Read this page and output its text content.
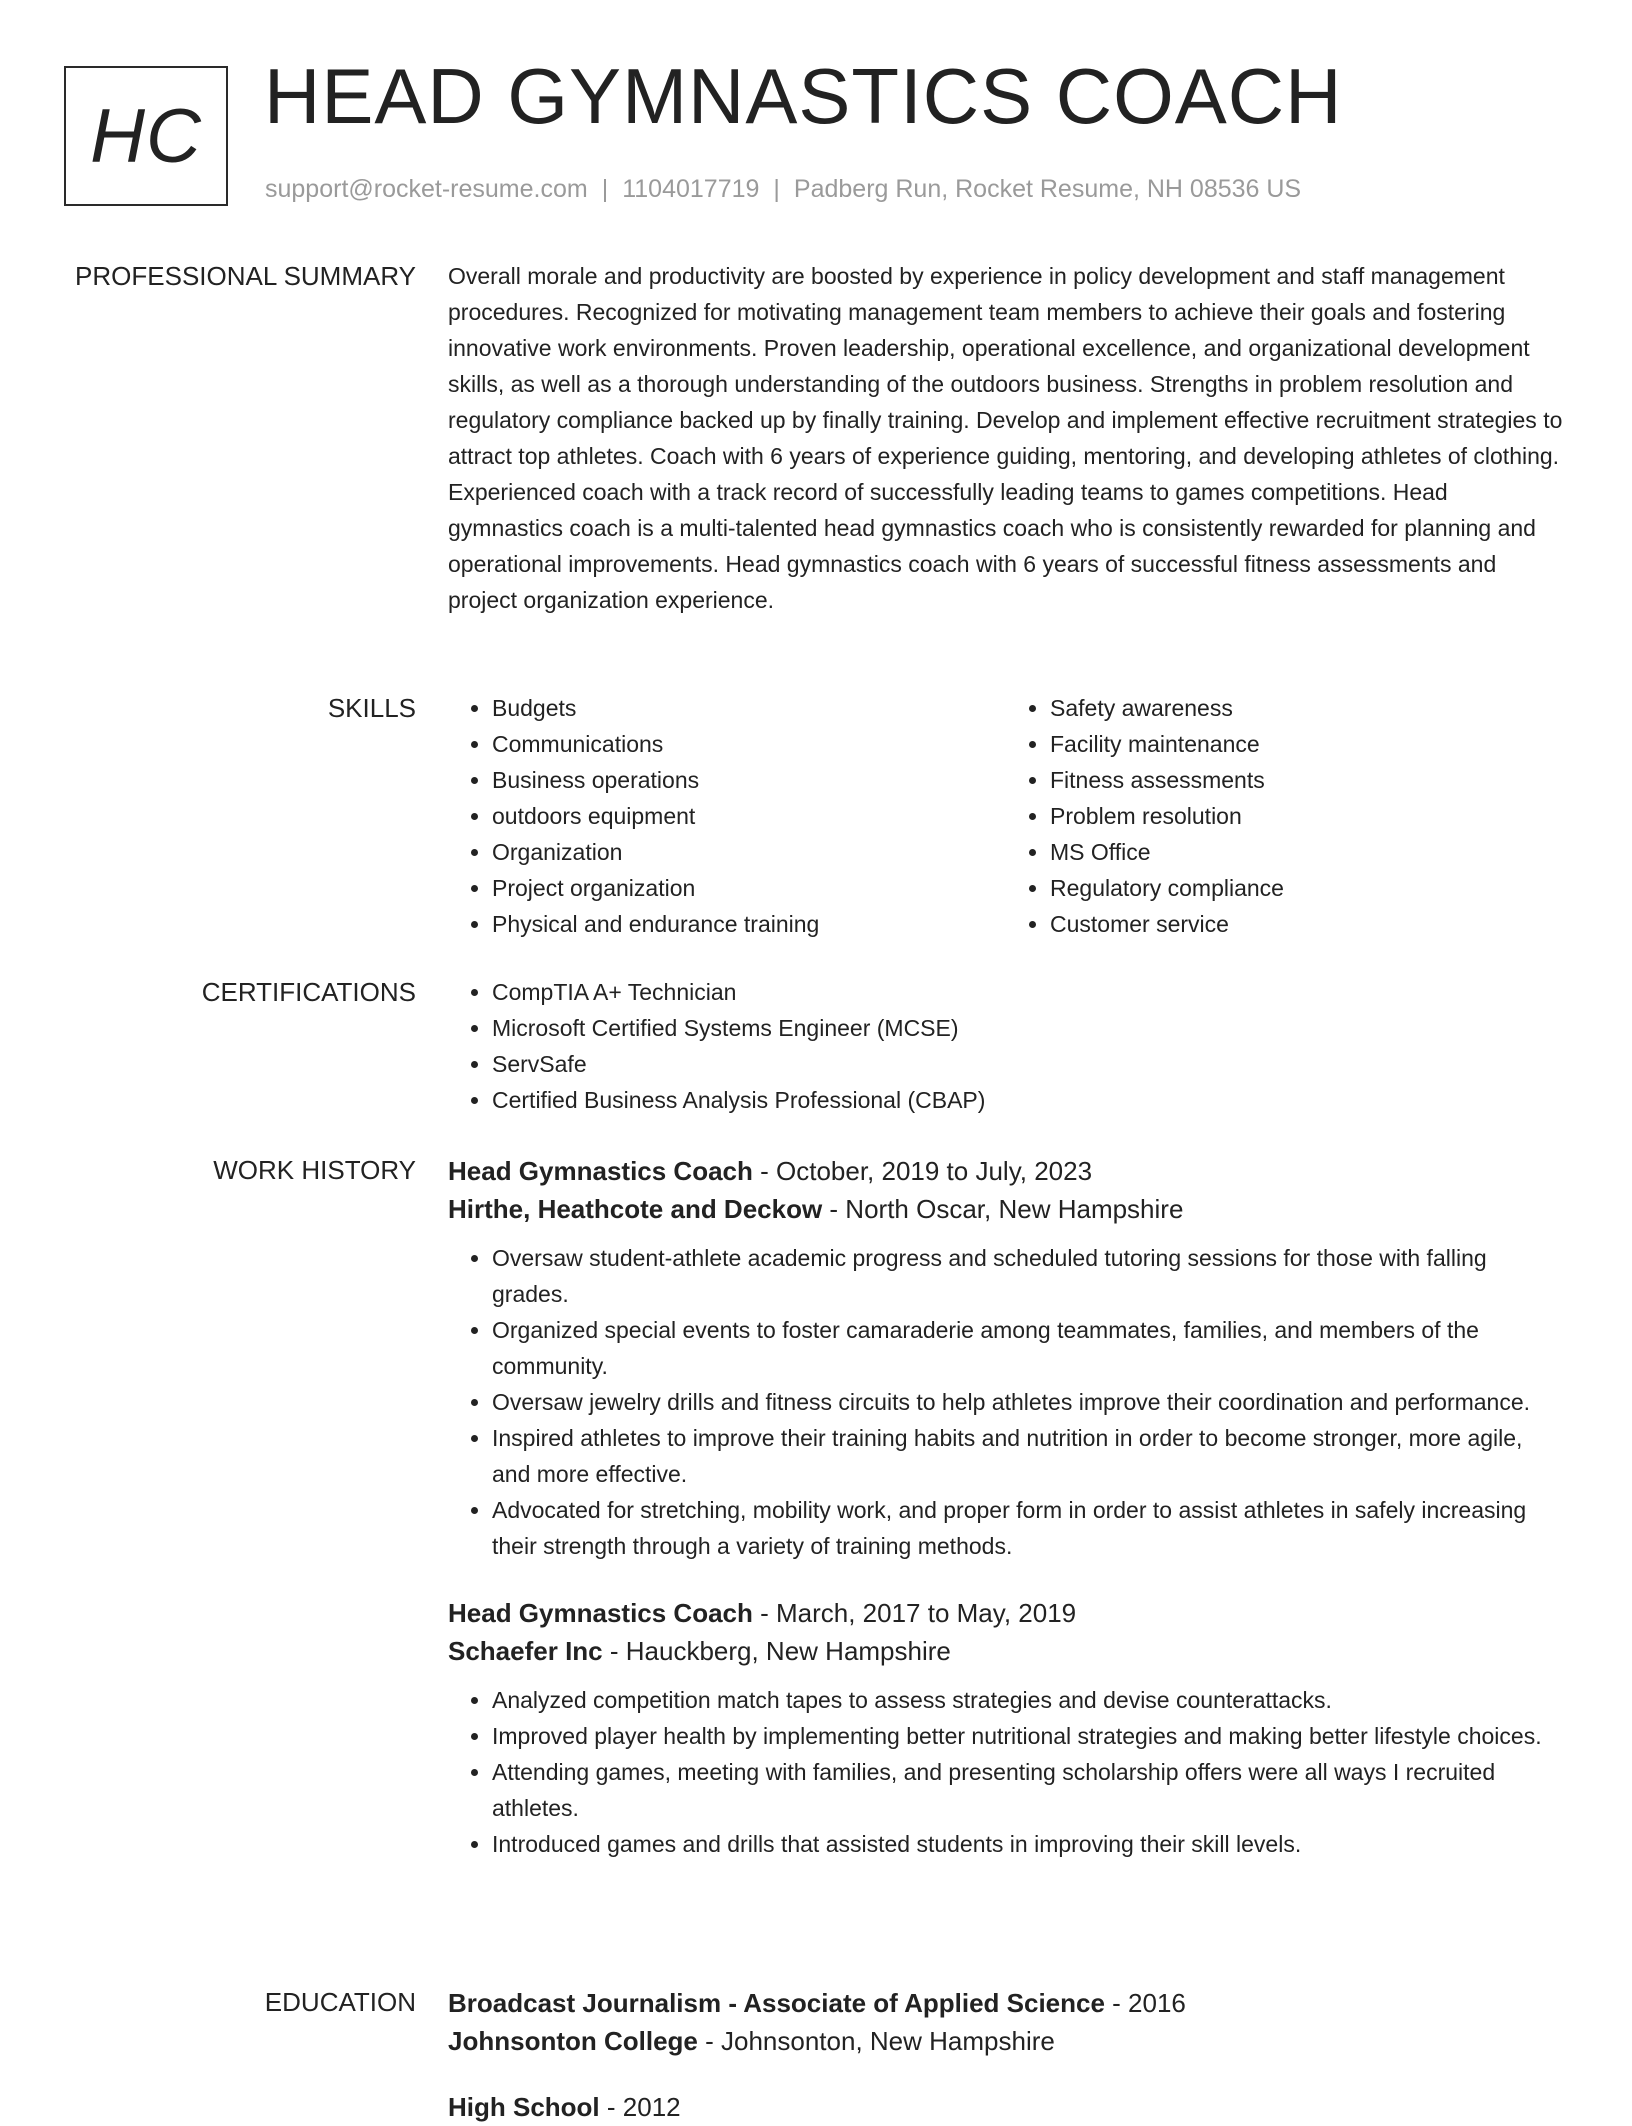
HC HEAD GYMNASTICS COACH
support@rocket-resume.com | 1104017719 | Padberg Run, Rocket Resume, NH 08536 US
PROFESSIONAL SUMMARY Overall morale and productivity are boosted by experience in policy development and staff management procedures. Recognized for motivating management team members to achieve their goals and fostering innovative work environments. Proven leadership, operational excellence, and organizational development skills, as well as a thorough understanding of the outdoors business. Strengths in problem resolution and regulatory compliance backed up by finally training. Develop and implement effective recruitment strategies to attract top athletes. Coach with 6 years of experience guiding, mentoring, and developing athletes of clothing. Experienced coach with a track record of successfully leading teams to games competitions. Head gymnastics coach is a multi-talented head gymnastics coach who is consistently rewarded for planning and operational improvements. Head gymnastics coach with 6 years of successful fitness assessments and project organization experience.
SKILLS	• Budgets
• Communications
• Business operations
• outdoors equipment
• Organization
• Project organization
• Physical and endurance training
• Safety awareness
• Facility maintenance
• Fitness assessments
• Problem resolution
• MS Office
• Regulatory compliance
• Customer service
CERTIFICATIONS	• CompTIA A+ Technician
• Microsoft Certified Systems Engineer (MCSE)
• ServSafe
• Certified Business Analysis Professional (CBAP)
WORK HISTORY Head Gymnastics Coach - October, 2019 to July, 2023
Hirthe, Heathcote and Deckow - North Oscar, New Hampshire
• Oversaw student-athlete academic progress and scheduled tutoring sessions for those with falling grades.
• Organized special events to foster camaraderie among teammates, families, and members of the community.
• Oversaw jewelry drills and fitness circuits to help athletes improve their coordination and performance.
• Inspired athletes to improve their training habits and nutrition in order to become stronger, more agile, and more effective.
• Advocated for stretching, mobility work, and proper form in order to assist athletes in safely increasing their strength through a variety of training methods.
Head Gymnastics Coach - March, 2017 to May, 2019
Schaefer Inc - Hauckberg, New Hampshire
• Analyzed competition match tapes to assess strategies and devise counterattacks.
• Improved player health by implementing better nutritional strategies and making better lifestyle choices.
• Attending games, meeting with families, and presenting scholarship offers were all ways I recruited athletes.
• Introduced games and drills that assisted students in improving their skill levels.
EDUCATION Broadcast Journalism - Associate of Applied Science - 2016
Johnsonton College - Johnsonton, New Hampshire
High School - 2012
